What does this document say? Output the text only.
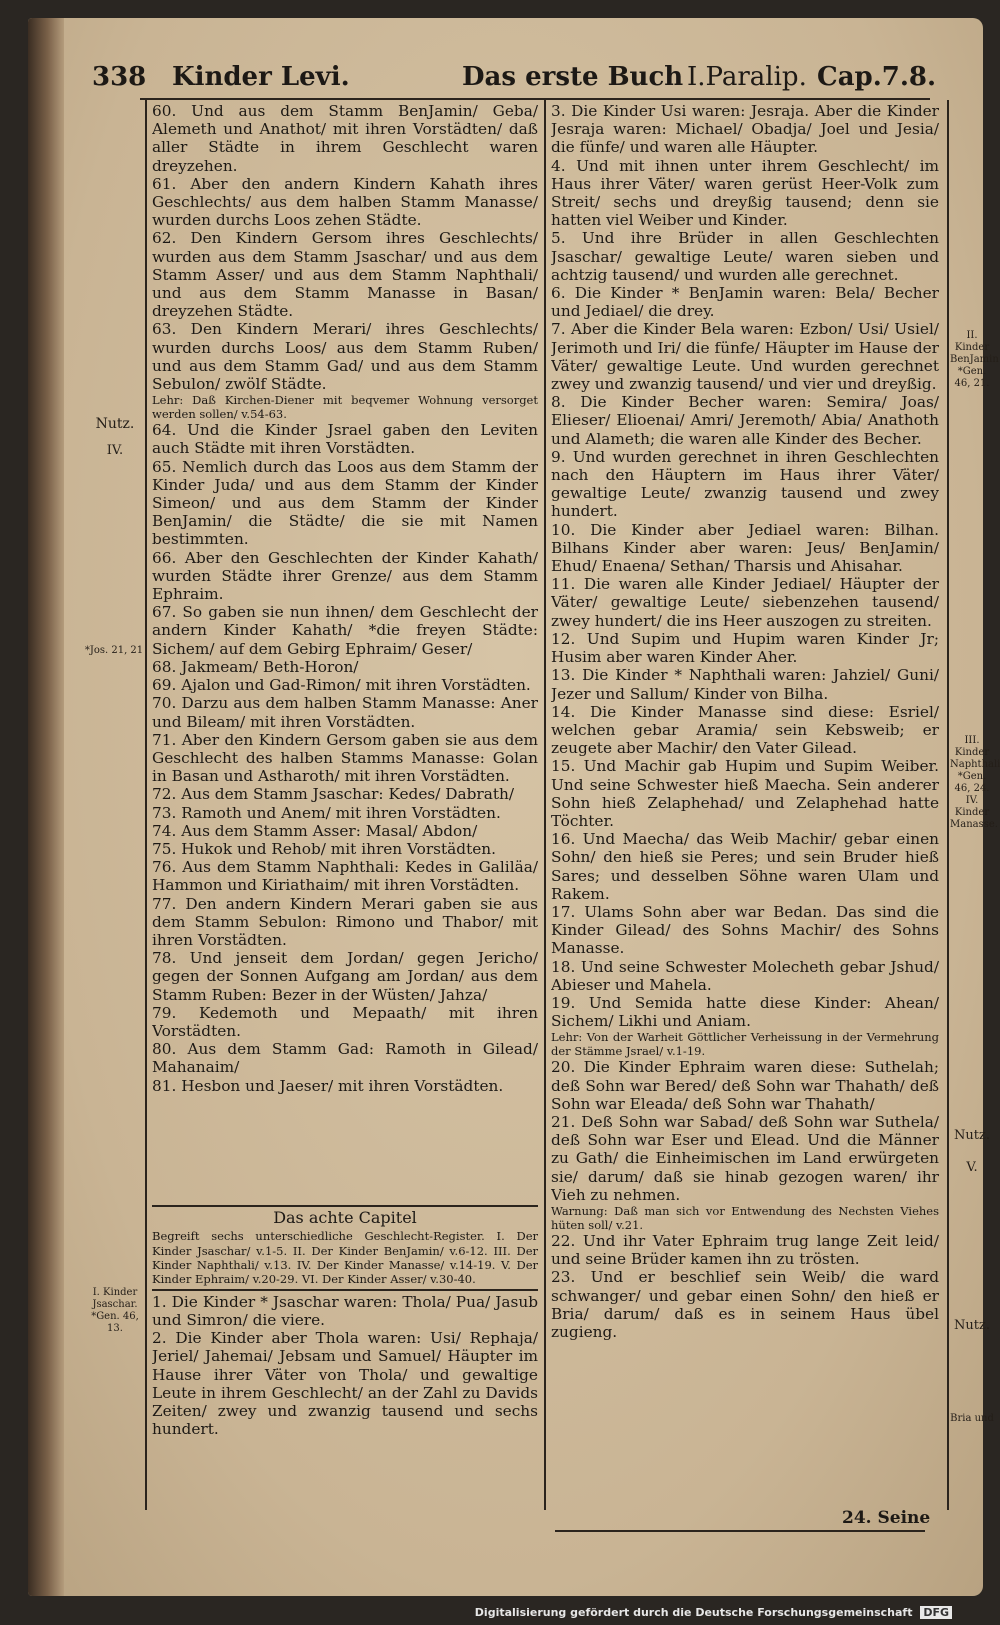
338 Kinder Levi.	Das erste Buch I.Paralip. Cap.7.8.

60. Und aus dem Stamm BenJamin/ Geba/ Alemeth und Anathot/ mit ihren Vorstädten/ daß aller Städte in ihrem Geschlecht waren dreyzehen.

61. Aber den andern Kindern Kahath ihres Geschlechts/ aus dem halben Stamm Manasse/ wurden durchs Loos zehen Städte.

62. Den Kindern Gersom ihres Geschlechts/ wurden aus dem Stamm Jsaschar/ und aus dem Stamm Asser/ und aus dem Stamm Naphthali/ und aus dem Stamm Manasse in Basan/ dreyzehen Städte.

63. Den Kindern Merari/ ihres Geschlechts/ wurden durchs Loos/ aus dem Stamm Ruben/ und aus dem Stamm Gad/ und aus dem Stamm Sebulon/ zwölf Städte.

Lehr: Daß Kirchen-Diener mit beqvemer Wohnung versorget werden sollen/ v.54-63.

64. Und die Kinder Jsrael gaben den Leviten auch Städte mit ihren Vorstädten.

65. Nemlich durch das Loos aus dem Stamm der Kinder Juda/ und aus dem Stamm der Kinder Simeon/ und aus dem Stamm der Kinder BenJamin/ die Städte/ die sie mit Namen bestimmten.

66. Aber den Geschlechten der Kinder Kahath/ wurden Städte ihrer Grenze/ aus dem Stamm Ephraim.

67. So gaben sie nun ihnen/ dem Geschlecht der andern Kinder Kahath/ *die freyen Städte: Sichem/ auf dem Gebirg Ephraim/ Geser/

68. Jakmeam/ Beth-Horon/

69. Ajalon und Gad-Rimon/ mit ihren Vorstädten.

70. Darzu aus dem halben Stamm Manasse: Aner und Bileam/ mit ihren Vorstädten.

71. Aber den Kindern Gersom gaben sie aus dem Geschlecht des halben Stamms Manasse: Golan in Basan und Astharoth/ mit ihren Vorstädten.

72. Aus dem Stamm Jsaschar: Kedes/ Dabrath/

73. Ramoth und Anem/ mit ihren Vorstädten.

74. Aus dem Stamm Asser: Masal/ Abdon/

75. Hukok und Rehob/ mit ihren Vorstädten.

76. Aus dem Stamm Naphthali: Kedes in Galiläa/ Hammon und Kiriathaim/ mit ihren Vorstädten.

77. Den andern Kindern Merari gaben sie aus dem Stamm Sebulon: Rimono und Thabor/ mit ihren Vorstädten.

78. Und jenseit dem Jordan/ gegen Jericho/ gegen der Sonnen Aufgang am Jordan/ aus dem Stamm Ruben: Bezer in der Wüsten/ Jahza/

79. Kedemoth und Mepaath/ mit ihren Vorstädten.

80. Aus dem Stamm Gad: Ramoth in Gilead/ Mahanaim/

81. Hesbon und Jaeser/ mit ihren Vorstädten.

Das achte Capitel

Begreift sechs unterschiedliche Geschlecht-Register. I. Der Kinder Jsaschar/ v.1-5. II. Der Kinder BenJamin/ v.6-12. III. Der Kinder Naphthali/ v.13. IV. Der Kinder Manasse/ v.14-19. V. Der Kinder Ephraim/ v.20-29. VI. Der Kinder Asser/ v.30-40.

1. Die Kinder * Jsaschar waren: Thola/ Pua/ Jasub und Simron/ die viere.

2. Die Kinder aber Thola waren: Usi/ Rephaja/ Jeriel/ Jahemai/ Jebsam und Samuel/ Häupter im Hause ihrer Väter von Thola/ und gewaltige Leute in ihrem Geschlecht/ an der Zahl zu Davids Zeiten/ zwey und zwanzig tausend und sechs hundert.

3. Die Kinder Usi waren: Jesraja. Aber die Kinder Jesraja waren: Michael/ Obadja/ Joel und Jesia/ die fünfe/ und waren alle Häupter.

4. Und mit ihnen unter ihrem Geschlecht/ im Haus ihrer Väter/ waren gerüst Heer-Volk zum Streit/ sechs und dreyßig tausend; denn sie hatten viel Weiber und Kinder.

5. Und ihre Brüder in allen Geschlechten Jsaschar/ gewaltige Leute/ waren sieben und achtzig tausend/ und wurden alle gerechnet.

6. Die Kinder * BenJamin waren: Bela/ Becher und Jediael/ die drey.

7. Aber die Kinder Bela waren: Ezbon/ Usi/ Usiel/ Jerimoth und Iri/ die fünfe/ Häupter im Hause der Väter/ gewaltige Leute. Und wurden gerechnet zwey und zwanzig tausend/ und vier und dreyßig.

8. Die Kinder Becher waren: Semira/ Joas/ Elieser/ Elioenai/ Amri/ Jeremoth/ Abia/ Anathoth und Alameth; die waren alle Kinder des Becher.

9. Und wurden gerechnet in ihren Geschlechten nach den Häuptern im Haus ihrer Väter/ gewaltige Leute/ zwanzig tausend und zwey hundert.

10. Die Kinder aber Jediael waren: Bilhan. Bilhans Kinder aber waren: Jeus/ BenJamin/ Ehud/ Enaena/ Sethan/ Tharsis und Ahisahar.

11. Die waren alle Kinder Jediael/ Häupter der Väter/ gewaltige Leute/ siebenzehen tausend/ zwey hundert/ die ins Heer auszogen zu streiten.

12. Und Supim und Hupim waren Kinder Jr; Husim aber waren Kinder Aher.

13. Die Kinder * Naphthali waren: Jahziel/ Guni/ Jezer und Sallum/ Kinder von Bilha.

14. Die Kinder Manasse sind diese: Esriel/ welchen gebar Aramia/ sein Kebsweib; er zeugete aber Machir/ den Vater Gilead.

15. Und Machir gab Hupim und Supim Weiber. Und seine Schwester hieß Maecha. Sein anderer Sohn hieß Zelaphehad/ und Zelaphehad hatte Töchter.

16. Und Maecha/ das Weib Machir/ gebar einen Sohn/ den hieß sie Peres; und sein Bruder hieß Sares; und desselben Söhne waren Ulam und Rakem.

17. Ulams Sohn aber war Bedan. Das sind die Kinder Gilead/ des Sohns Machir/ des Sohns Manasse.

18. Und seine Schwester Molecheth gebar Jshud/ Abieser und Mahela.

19. Und Semida hatte diese Kinder: Ahean/ Sichem/ Likhi und Aniam.

Lehr: Von der Warheit Göttlicher Verheissung in der Vermehrung der Stämme Jsrael/ v.1-19.

20. Die Kinder Ephraim waren diese: Suthelah; deß Sohn war Bered/ deß Sohn war Thahath/ deß Sohn war Eleada/ deß Sohn war Thahath/

21. Deß Sohn war Sabad/ deß Sohn war Suthela/ deß Sohn war Eser und Elead. Und die Männer zu Gath/ die Einheimischen im Land erwürgeten sie/ darum/ daß sie hinab gezogen waren/ ihr Vieh zu nehmen.

Warnung: Daß man sich vor Entwendung des Nechsten Viehes hüten soll/ v.21.

22. Und ihr Vater Ephraim trug lange Zeit leid/ und seine Brüder kamen ihn zu trösten.

23. Und er beschlief sein Weib/ die ward schwanger/ und gebar einen Sohn/ den hieß er Bria/ darum/ daß es in seinem Haus übel zugieng.

Nutz.
IV.
*Jos. 21, 21
I. Kinder Jsaschar. *Gen. 46, 13.
II. Kinder BenJamin *Gen. 46, 21.
III. Kinder Naphthali *Gen. 46, 24. IV. Kinder Manasse.
Nutz.
V.
Nutz.
Bria und
24. Seine
Digitalisierung gefördert durch die Deutsche Forschungsgemeinschaft DFG
